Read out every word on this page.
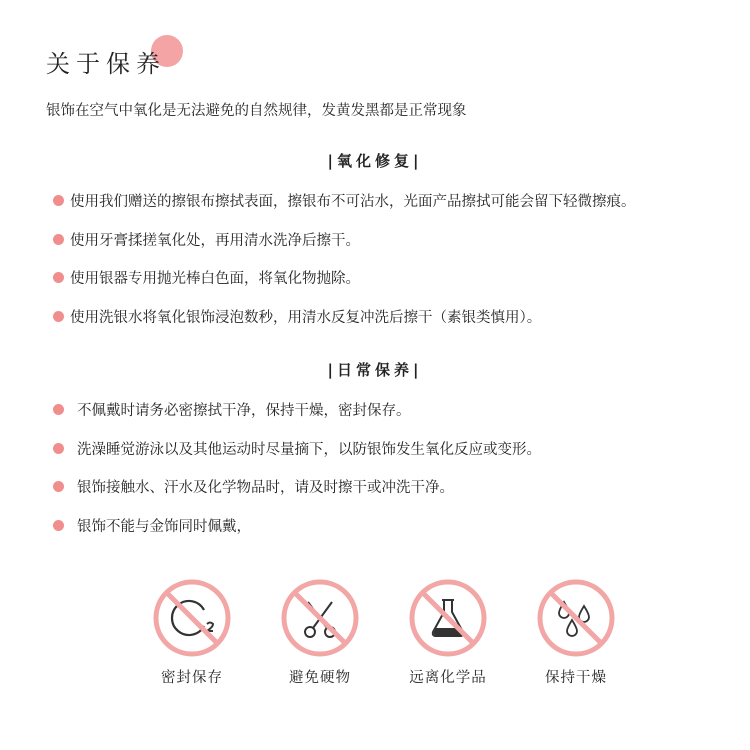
关于保养
银饰在空气中氧化是无法避免的自然规律，发黄发黑都是正常现象
|氧化修复|
使用我们赠送的擦银布擦拭表面，擦银布不可沾水，光面产品擦拭可能会留下轻微擦痕。
使用牙膏揉搓氧化处，再用清水洗净后擦干。
使用银器专用抛光棒白色面，将氧化物抛除。
使用洗银水将氧化银饰浸泡数秒，用清水反复冲洗后擦干（素银类慎用）。
|日常保养|
不佩戴时请务必密擦拭干净，保持干燥，密封保存。
洗澡睡觉游泳以及其他运动时尽量摘下，以防银饰发生氧化反应或变形。
银饰接触水、汗水及化学物品时，请及时擦干或冲洗干净。
银饰不能与金饰同时佩戴，
密封保存	避免硬物	远离化学品	保持干燥
